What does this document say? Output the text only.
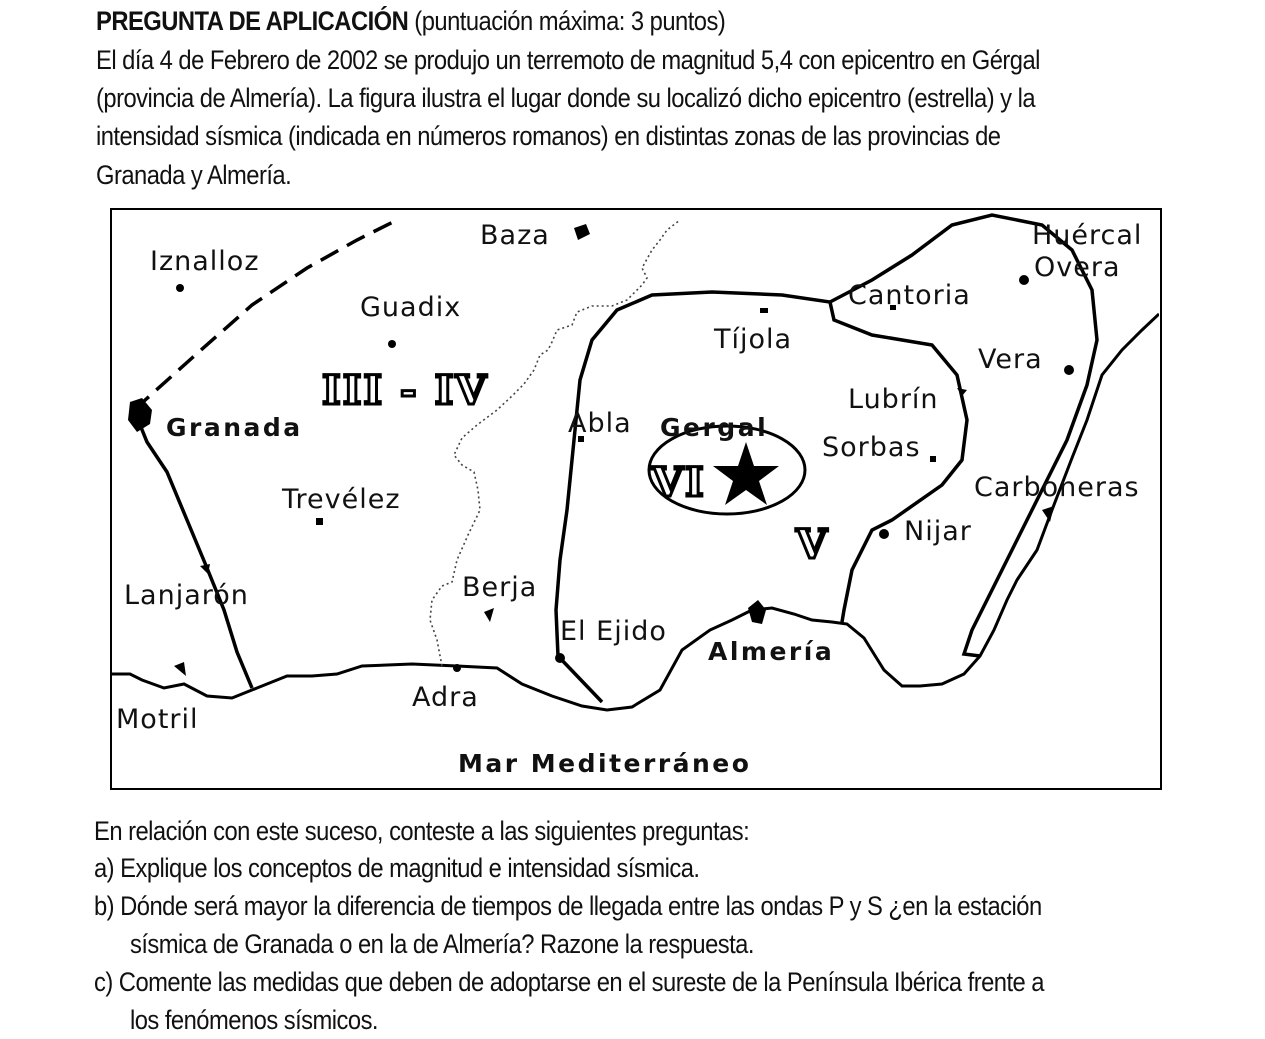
PREGUNTA DE APLICACIÓN (puntuación máxima: 3 puntos)
El día 4 de Febrero de 2002 se produjo un terremoto de magnitud 5,4 con epicentro en Gérgal
(provincia de Almería). La figura ilustra el lugar donde su localizó dicho epicentro (estrella) y la
intensidad sísmica (indicada en números romanos) en distintas zonas de las provincias de
Granada y Almería.
Baza
Iznalloz
Huércal
Overa
Guadix	Cantoria
Tíjola
Vera
Lubrín
Granada	Abla Gergal
Sorbas
Trevélez	Carboneras
Nijar
Lanjarón	Berja
El Ejido
Almería
Adra
Motril
Mar Mediterráneo
III - IV
V
VI
En relación con este suceso, conteste a las siguientes preguntas:
a) Explique los conceptos de magnitud e intensidad sísmica.
b) Dónde será mayor la diferencia de tiempos de llegada entre las ondas P y S ¿en la estación
sísmica de Granada o en la de Almería? Razone la respuesta.
c) Comente las medidas que deben de adoptarse en el sureste de la Península Ibérica frente a
los fenómenos sísmicos.
